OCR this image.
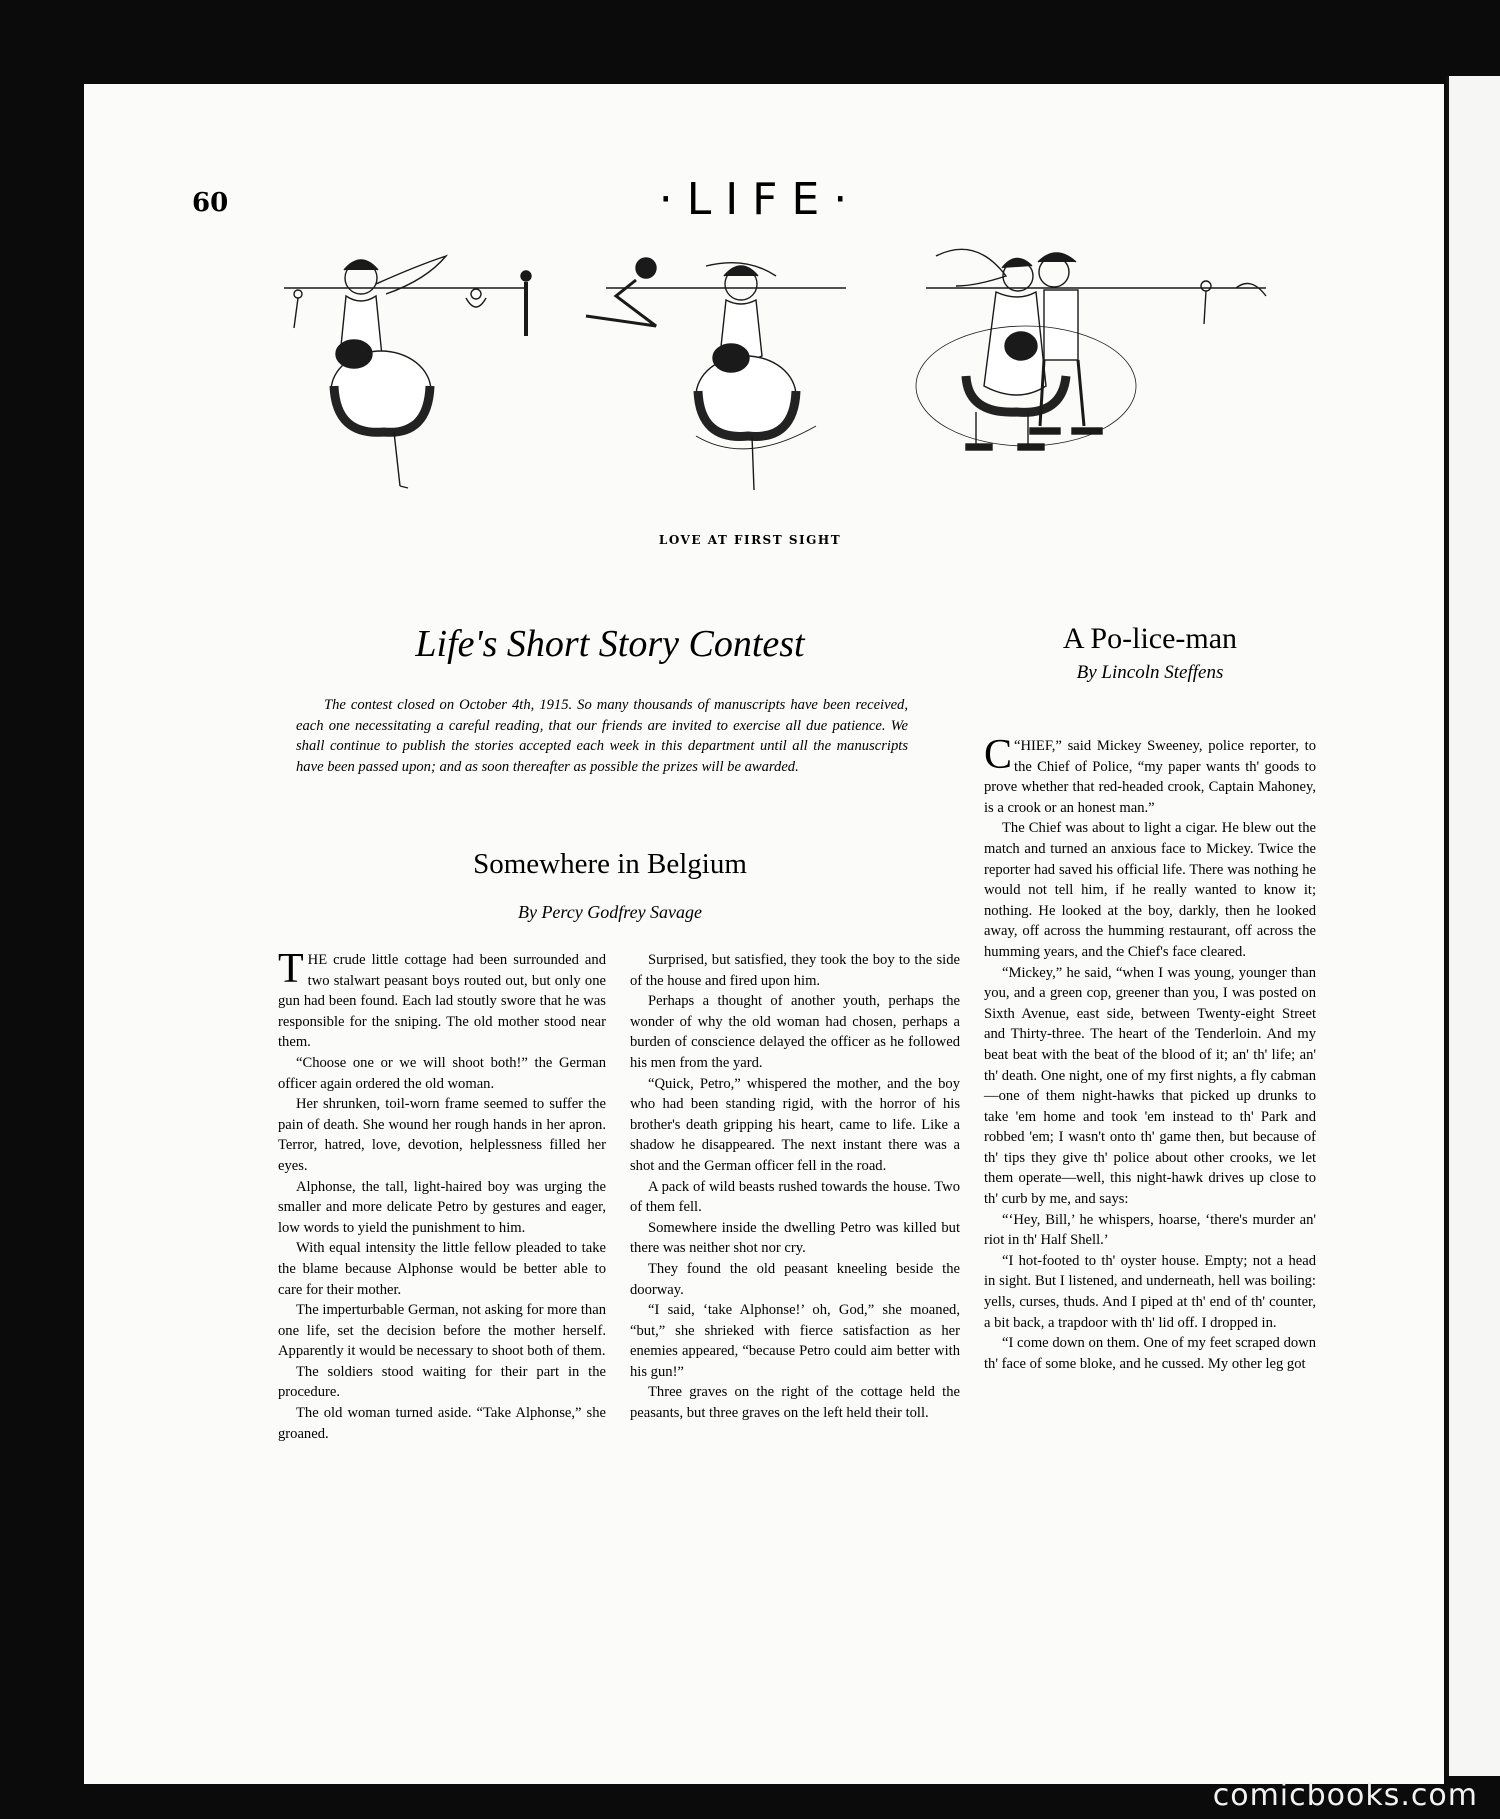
comicbooks.com
60	·LIFE·
LOVE AT FIRST SIGHT
Life's Short Story Contest
The contest closed on October 4th, 1915. So many thousands of manuscripts have been received, each one necessitating a careful reading, that our friends are invited to exercise all due patience. We shall continue to publish the stories accepted each week in this department until all the manuscripts have been passed upon; and as soon thereafter as possible the prizes will be awarded.
Somewhere in Belgium
By Percy Godfrey Savage

THE crude little cottage had been surrounded and two stalwart peasant boys routed out, but only one gun had been found. Each lad stoutly swore that he was responsible for the sniping. The old mother stood near them.

“Choose one or we will shoot both!” the German officer again ordered the old woman.

Her shrunken, toil-worn frame seemed to suffer the pain of death. She wound her rough hands in her apron. Terror, hatred, love, devotion, helplessness filled her eyes.

Alphonse, the tall, light-haired boy was urging the smaller and more delicate Petro by gestures and eager, low words to yield the punishment to him.

With equal intensity the little fellow pleaded to take the blame because Alphonse would be better able to care for their mother.

The imperturbable German, not asking for more than one life, set the decision before the mother herself. Apparently it would be necessary to shoot both of them.

The soldiers stood waiting for their part in the procedure.

The old woman turned aside. “Take Alphonse,” she groaned.

Surprised, but satisfied, they took the boy to the side of the house and fired upon him.

Perhaps a thought of another youth, perhaps the wonder of why the old woman had chosen, perhaps a burden of conscience delayed the officer as he followed his men from the yard.

“Quick, Petro,” whispered the mother, and the boy who had been standing rigid, with the horror of his brother's death gripping his heart, came to life. Like a shadow he disappeared. The next instant there was a shot and the German officer fell in the road.

A pack of wild beasts rushed towards the house. Two of them fell.

Somewhere inside the dwelling Petro was killed but there was neither shot nor cry.

They found the old peasant kneeling beside the doorway.

“I said, ‘take Alphonse!’ oh, God,” she moaned, “but,” she shrieked with fierce satisfaction as her enemies appeared, “because Petro could aim better with his gun!”

Three graves on the right of the cottage held the peasants, but three graves on the left held their toll.

A Po-lice-man
By Lincoln Steffens

“
C HIEF,” said Mickey Sweeney, police reporter, to the Chief of Police, “my paper wants th' goods to prove whether that red-headed crook, Captain Mahoney, is a crook or an honest man.”

The Chief was about to light a cigar. He blew out the match and turned an anxious face to Mickey. Twice the reporter had saved his official life. There was nothing he would not tell him, if he really wanted to know it; nothing. He looked at the boy, darkly, then he looked away, off across the humming restaurant, off across the humming years, and the Chief's face cleared.

“Mickey,” he said, “when I was young, younger than you, and a green cop, greener than you, I was posted on Sixth Avenue, east side, between Twenty-eight Street and Thirty-three. The heart of the Tenderloin. And my beat beat with the beat of the blood of it; an' th' life; an' th' death. One night, one of my first nights, a fly cabman—one of them night-hawks that picked up drunks to take 'em home and took 'em instead to th' Park and robbed 'em; I wasn't onto th' game then, but because of th' tips they give th' police about other crooks, we let them operate—well, this night-hawk drives up close to th' curb by me, and says:

“‘Hey, Bill,’ he whispers, hoarse, ‘there's murder an' riot in th' Half Shell.’

“I hot-footed to th' oyster house. Empty; not a head in sight. But I listened, and underneath, hell was boiling: yells, curses, thuds. And I piped at th' end of th' counter, a bit back, a trapdoor with th' lid off. I dropped in.

“I come down on them. One of my feet scraped down th' face of some bloke, and he cussed. My other leg got
